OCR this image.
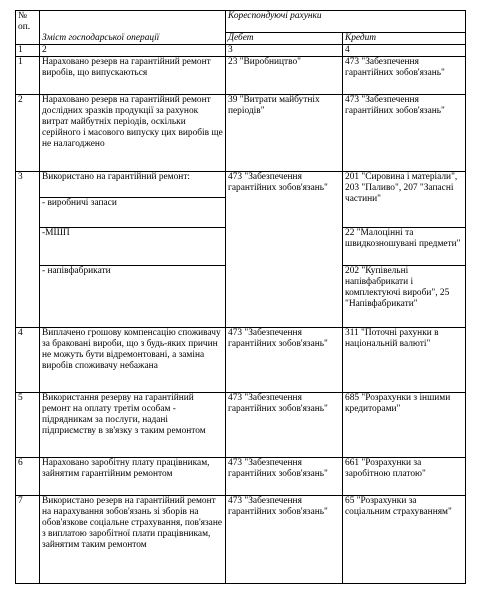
№ оп.	Зміст господарської операції	Кореспондуючі рахунки	
		Дебет	Кредит
1	2	3	4
1	Нараховано резерв на гарантійний ремонт виробів, що випускаються	23 "Виробництво"	473 "Забезпечення гарантійних зобов'язань"
2	Нараховано резерв на гарантійний ремонт дослідних зразків продукції за рахунок витрат майбутніх періодів, оскільки серійного і масового випуску цих виробів ще не налагоджено	39 "Витрати майбутніх періодів"	473 "Забезпечення гарантійних зобов'язань"
3	Використано на гарантійний ремонт:	473 "Забезпечення гарантійних зобов'язань"	201 "Сировина і матеріали", 203 "Паливо", 207 "Запасні частини"
	- виробничі запаси		
	-МШП		22 "Малоцінні та швидкозношувані предмети"
	- напівфабрикати		202 "Купівельні напівфабрикати і комплектуючі вироби", 25 "Напівфабрикати"
4	Виплачено грошову компенсацію споживачу за браковані вироби, що з будь-яких причин не можуть бути відремонтовані, а заміна виробів споживачу небажана	473 "Забезпечення гарантійних зобов'язань"	311 "Поточні рахунки в національній валюті"
5	Використання резерву на гарантійний ремонт на оплату третім особам - підрядникам за послуги, надані підприємству в зв'язку з таким ремонтом	473 "Забезпечення гарантійних зобов'язань"	685 "Розрахунки з іншими кредиторами"
6	Нараховано заробітну плату працівникам, зайнятим гарантійним ремонтом	473 "Забезпечення гарантійних зобов'язань"	661 "Розрахунки за заробітною платою"
7	Використано резерв на гарантійний ремонт на нарахування зобов'язань зі зборів на обов'язкове соціальне страхування, пов'язане з виплатою заробітної плати працівникам, зайнятим таким ремонтом	473 "Забезпечення гарантійних зобов'язань"	65 "Розрахунки за соціальним страхуванням"
